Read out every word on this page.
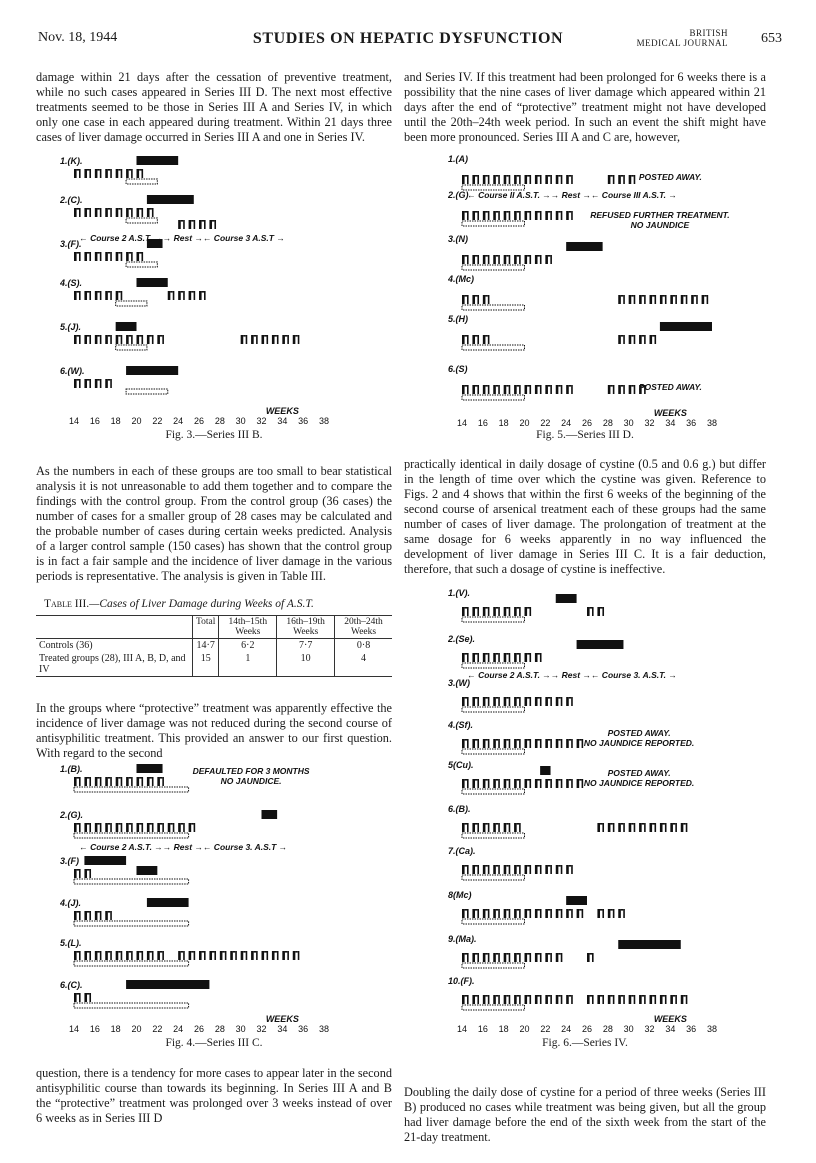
Nov. 18, 1944	STUDIES ON HEPATIC DYSFUNCTION	BRITISH
MEDICAL JOURNAL 653
damage within 21 days after the cessation of preventive treatment, while no such cases appeared in Series III D. The next most effective treatments seemed to be those in Series III A and Series IV, in which only one case in each appeared during treatment. Within 21 days three cases of liver damage occurred in Series III A and one in Series IV.
1.(K).
2.(C).
3.(F).
4.(S).
5.(J).
6.(W).
← Course 2 A.S.T. →→ Rest →← Course 3 A.S.T →
14 16 18 20 22 24 26 28 30 32 34 36 38
WEEKS
Fig. 3.—Series III B.
As the numbers in each of these groups are too small to bear statistical analysis it is not unreasonable to add them together and to compare the findings with the control group. From the control group (36 cases) the number of cases for a smaller group of 28 cases may be calculated and the probable number of cases during certain weeks predicted. Analysis of a larger control sample (150 cases) has shown that the control group is in fact a fair sample and the incidence of liver damage in the various periods is representative. The analysis is given in Table III.
Table III.—Cases of Liver Damage during Weeks of A.S.T.
	Total	14th–15th Weeks	16th–19th Weeks	20th–24th Weeks
Controls (36)	14·7	6·2	7·7	0·8
Treated groups (28), III A, B, D, and IV	15	1	10	4
In the groups where “protective” treatment was apparently effective the incidence of liver damage was not reduced during the second course of antisyphilitic treatment. This provided an answer to our first question. With regard to the second
1.(B).
2.(G).
3.(F)
4.(J).
5.(L).
6.(C).
DEFAULTED FOR 3 MONTHS
NO JAUNDICE.
← Course 2 A.S.T. →→ Rest →← Course 3. A.S.T →
14 16 18 20 22 24 26 28 30 32 34 36 38
WEEKS
Fig. 4.—Series III C.
question, there is a tendency for more cases to appear later in the second antisyphilitic course than towards its beginning. In Series III A and B the “protective” treatment was prolonged over 3 weeks instead of over 6 weeks as in Series III D
and Series IV. If this treatment had been prolonged for 6 weeks there is a possibility that the nine cases of liver damage which appeared within 21 days after the end of “protective” treatment might not have developed until the 20th–24th week period. In such an event the shift might have been more pronounced. Series III A and C are, however,
1.(A)
2.(G)
3.(N)
4.(Mc)
5.(H)
6.(S)
POSTED AWAY.
REFUSED FURTHER TREATMENT.
NO JAUNDICE
POSTED AWAY.
← Course II A.S.T. →→ Rest →← Course III A.S.T. →
14 16 18 20 22 24 26 28 30 32 34 36 38
WEEKS
Fig. 5.—Series III D.
practically identical in daily dosage of cystine (0.5 and 0.6 g.) but differ in the length of time over which the cystine was given. Reference to Figs. 2 and 4 shows that within the first 6 weeks of the beginning of the second course of arsenical treatment each of these groups had the same number of cases of liver damage. The prolongation of treatment at the same dosage for 6 weeks apparently in no way influenced the development of liver damage in Series III C. It is a fair deduction, therefore, that such a dosage of cystine is ineffective.
1.(V).
2.(Se).
3.(W)
4.(Sf).
5(Cu).
6.(B).
7.(Ca).
8(Mc)
9.(Ma).
10.(F).
POSTED AWAY.
NO JAUNDICE REPORTED.
POSTED AWAY.
NO JAUNDICE REPORTED.
← Course 2 A.S.T. →→ Rest →← Course 3. A.S.T. →
14 16 18 20 22 24 26 28 30 32 34 36 38
WEEKS
Fig. 6.—Series IV.
Doubling the daily dose of cystine for a period of three weeks (Series III B) produced no cases while treatment was being given, but all the group had liver damage before the end of the sixth week from the start of the 21-day treatment.
